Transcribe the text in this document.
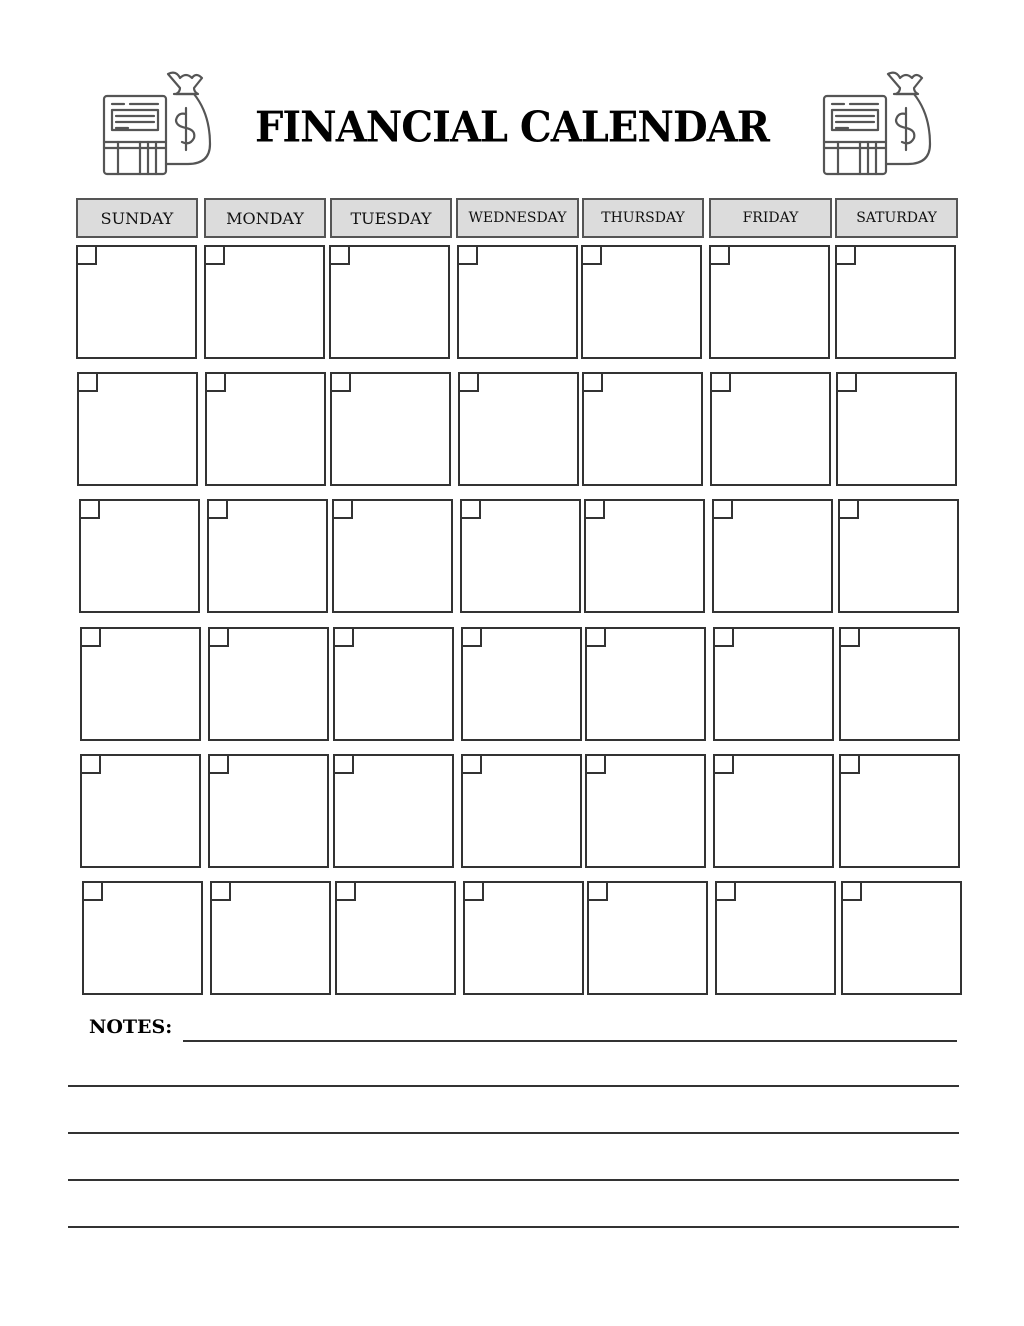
FINANCIAL CALENDAR
SUNDAY	MONDAY	TUESDAY	WEDNESDAY	THURSDAY	FRIDAY	SATURDAY
NOTES:
